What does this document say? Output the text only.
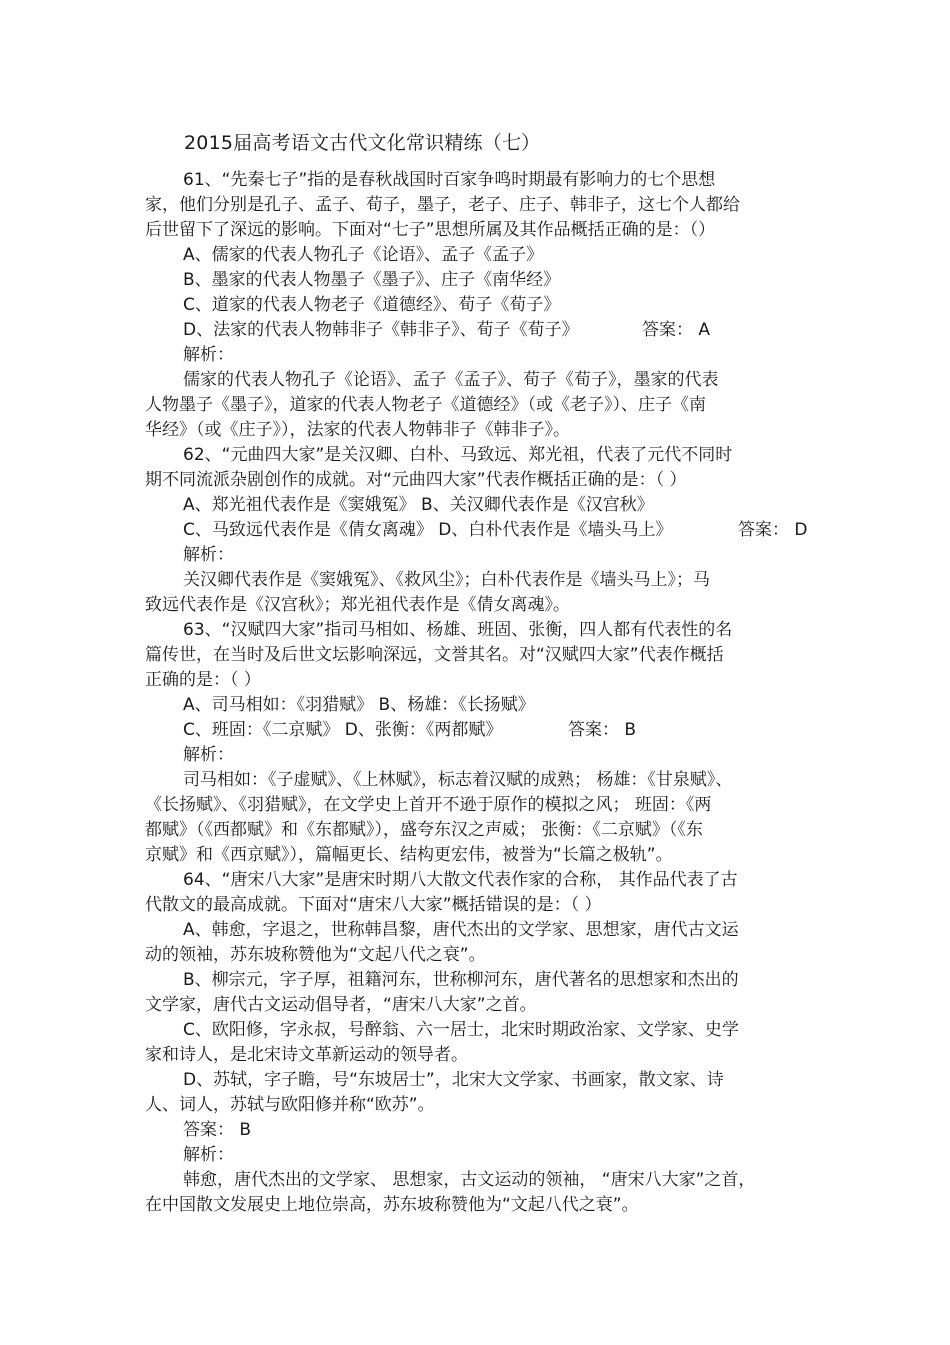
2015届高考语文古代文化常识精练（七）
61、“先秦七子”指的是春秋战国时百家争鸣时期最有影响力的七个思想
家，他们分别是孔子、孟子、荀子，墨子，老子、庄子、韩非子，这七个人都给
后世留下了深远的影响。下面对“七子”思想所属及其作品概括正确的是：（）
A、儒家的代表人物孔子《论语》、孟子《孟子》
B、墨家的代表人物墨子《墨子》、庄子《南华经》
C、道家的代表人物老子《道德经》、荀子《荀子》
D、法家的代表人物韩非子《韩非子》、荀子《荀子》	答案： A
解析：
儒家的代表人物孔子《论语》、孟子《孟子》、荀子《荀子》，墨家的代表
人物墨子《墨子》，道家的代表人物老子《道德经》（或《老子》）、庄子《南
华经》（或《庄子》），法家的代表人物韩非子《韩非子》。
62、“元曲四大家”是关汉卿、白朴、马致远、郑光祖，代表了元代不同时
期不同流派杂剧创作的成就。对“元曲四大家”代表作概括正确的是：（ ）
A、郑光祖代表作是《窦娥冤》 B、关汉卿代表作是《汉宫秋》
C、马致远代表作是《倩女离魂》 D、白朴代表作是《墙头马上》	答案： D
解析：
关汉卿代表作是《窦娥冤》、《救风尘》；白朴代表作是《墙头马上》；马
致远代表作是《汉宫秋》；郑光祖代表作是《倩女离魂》。
63、“汉赋四大家”指司马相如、杨雄、班固、张衡，四人都有代表性的名
篇传世，在当时及后世文坛影响深远，文誉其名。对“汉赋四大家”代表作概括
正确的是：（ ）
A、司马相如：《羽猎赋》 B、杨雄：《长扬赋》
C、班固：《二京赋》 D、张衡：《两都赋》	答案： B
解析：
司马相如：《子虚赋》、《上林赋》，标志着汉赋的成熟； 杨雄：《甘泉赋》、
《长扬赋》、《羽猎赋》，在文学史上首开不逊于原作的模拟之风； 班固：《两
都赋》（《西都赋》和《东都赋》），盛夸东汉之声威； 张衡：《二京赋》（《东
京赋》和《西京赋》），篇幅更长、结构更宏伟，被誉为“长篇之极轨”。
64、“唐宋八大家”是唐宋时期八大散文代表作家的合称， 其作品代表了古
代散文的最高成就。下面对“唐宋八大家”概括错误的是：（ ）
A、韩愈，字退之，世称韩昌黎，唐代杰出的文学家、思想家，唐代古文运
动的领袖，苏东坡称赞他为“文起八代之衰”。
B、柳宗元，字子厚，祖籍河东，世称柳河东，唐代著名的思想家和杰出的
文学家，唐代古文运动倡导者，“唐宋八大家”之首。
C、欧阳修，字永叔，号醉翁、六一居士，北宋时期政治家、文学家、史学
家和诗人，是北宋诗文革新运动的领导者。
D、苏轼，字子瞻，号“东坡居士”，北宋大文学家、书画家，散文家、诗
人、词人，苏轼与欧阳修并称“欧苏”。
答案： B
解析：
韩愈，唐代杰出的文学家、 思想家，古文运动的领袖， “唐宋八大家”之首，
在中国散文发展史上地位崇高，苏东坡称赞他为“文起八代之衰”。
